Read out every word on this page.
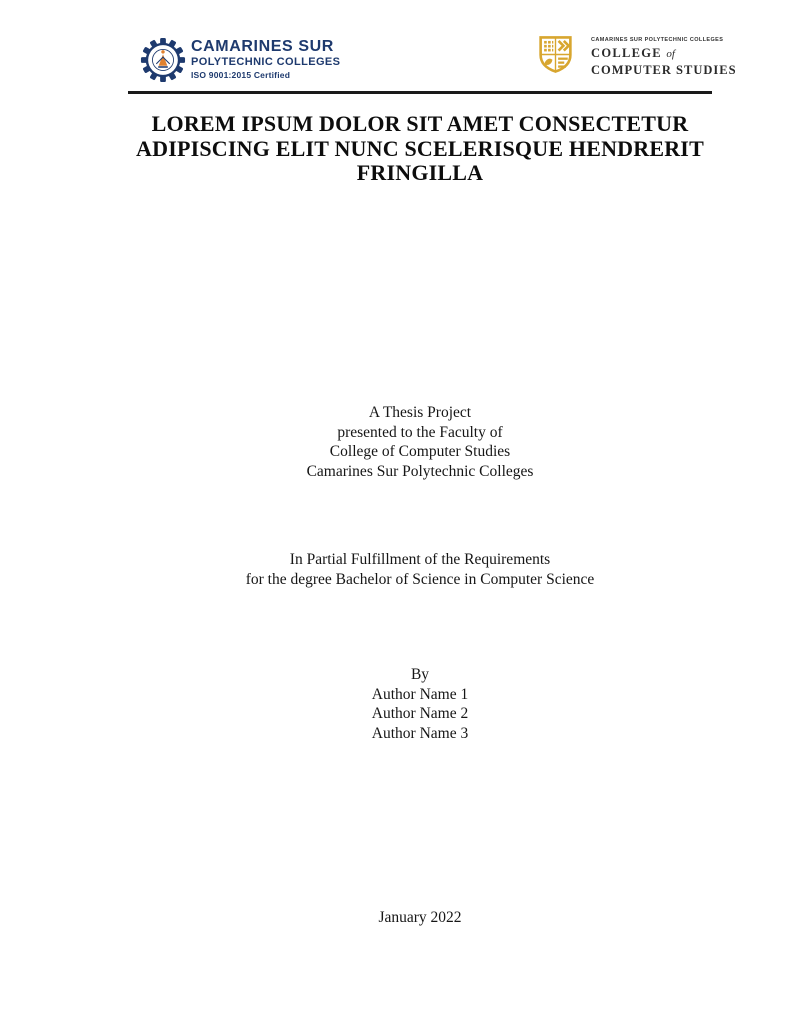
CAMARINES SUR
POLYTECHNIC COLLEGES
ISO 9001:2015 Certified
CAMARINES SUR POLYTECHNIC COLLEGES
COLLEGE of
COMPUTER STUDIES
LOREM IPSUM DOLOR SIT AMET CONSECTETUR
ADIPISCING ELIT NUNC SCELERISQUE HENDRERIT
FRINGILLA
A Thesis Project
presented to the Faculty of
College of Computer Studies
Camarines Sur Polytechnic Colleges
In Partial Fulfillment of the Requirements
for the degree Bachelor of Science in Computer Science
By
Author Name 1
Author Name 2
Author Name 3
January 2022
